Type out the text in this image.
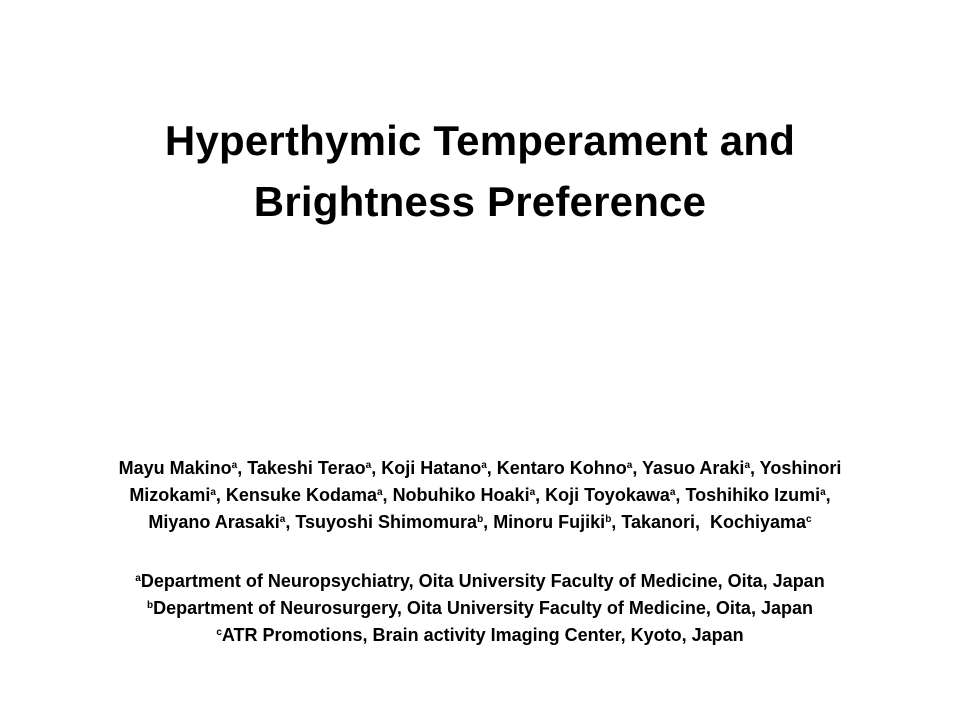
Hyperthymic Temperament and
Brightness Preference
Mayu Makino$^a$, Takeshi Terao$^a$, Koji Hatano$^a$, Kentaro Kohno$^a$, Yasuo Araki$^a$, Yoshinori
Mizokami$^a$, Kensuke Kodama$^a$, Nobuhiko Hoaki$^a$, Koji Toyokawa$^a$, Toshihiko Izumi$^a$,
Miyano Arasaki$^a$, Tsuyoshi Shimomura$^b$, Minoru Fujiki$^b$, Takanori,  Kochiyama$^c$
$^a$Department of Neuropsychiatry, Oita University Faculty of Medicine, Oita, Japan
$^b$Department of Neurosurgery, Oita University Faculty of Medicine, Oita, Japan
$^c$ATR Promotions, Brain activity Imaging Center, Kyoto, Japan
